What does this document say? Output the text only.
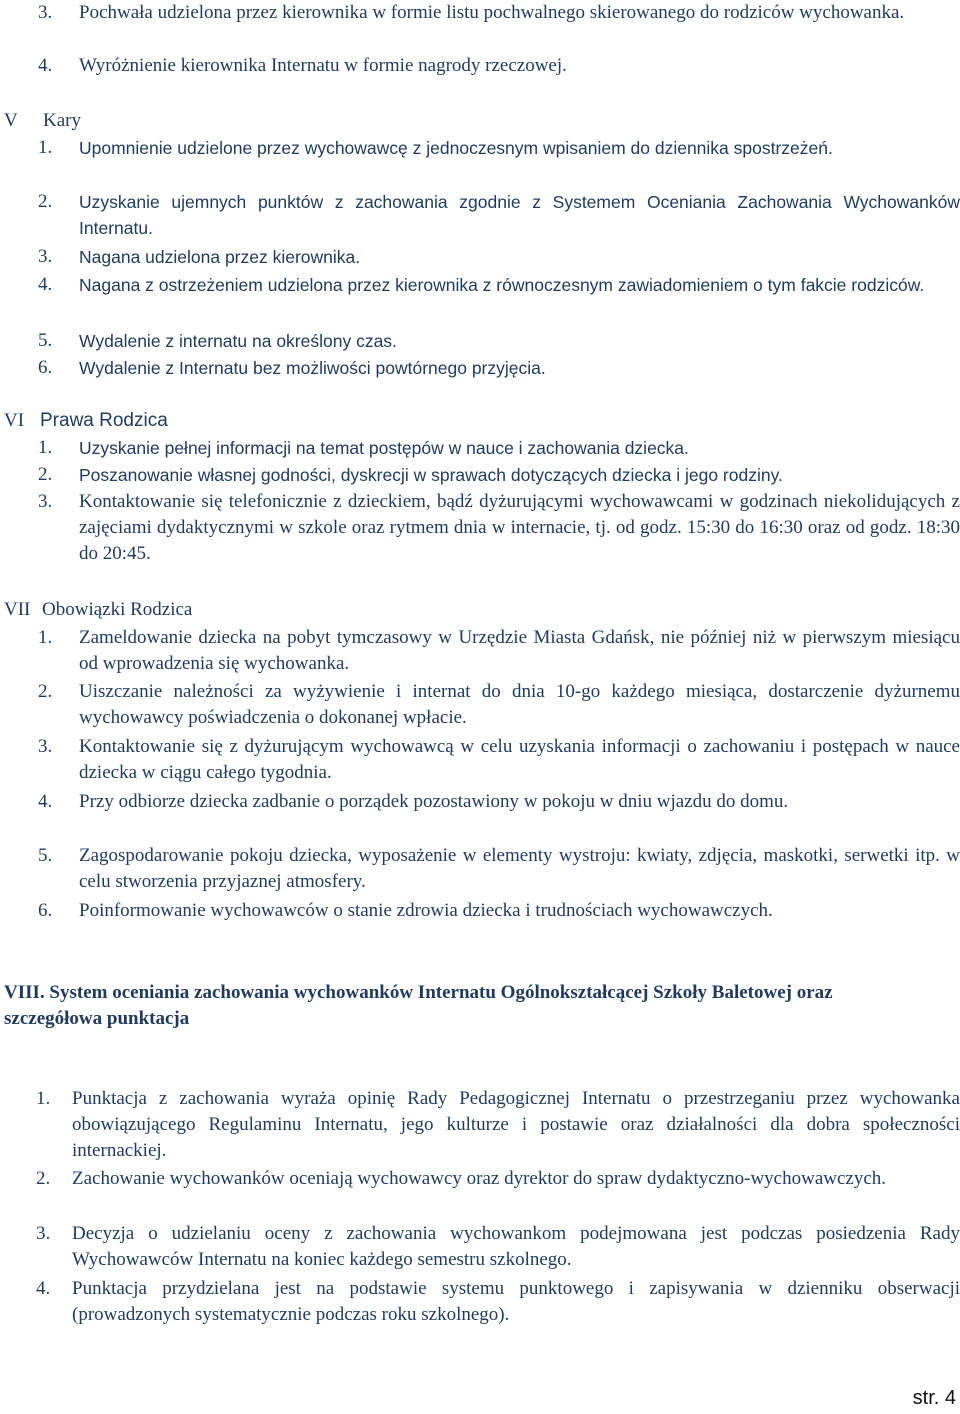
3. Pochwała udzielona przez kierownika w formie listu pochwalnego skierowanego do rodziców wychowanka.
4. Wyróżnienie kierownika Internatu w formie nagrody rzeczowej.
V Kary
1. Upomnienie udzielone przez wychowawcę z jednoczesnym wpisaniem do dziennika spostrzeżeń.
2. Uzyskanie ujemnych punktów z zachowania zgodnie z Systemem Oceniania Zachowania Wychowanków Internatu.
3. Nagana udzielona przez kierownika.
4. Nagana z ostrzeżeniem udzielona przez kierownika z równoczesnym zawiadomieniem o tym fakcie rodziców.
5. Wydalenie z internatu na określony czas.
6. Wydalenie z Internatu bez możliwości powtórnego przyjęcia.
VI Prawa Rodzica
1. Uzyskanie pełnej informacji na temat postępów w nauce i zachowania dziecka.
2. Poszanowanie własnej godności, dyskrecji w sprawach dotyczących dziecka i jego rodziny.
3. Kontaktowanie się telefonicznie z dzieckiem, bądź dyżurującymi wychowawcami w godzinach niekolidujących z zajęciami dydaktycznymi w szkole oraz rytmem dnia w internacie, tj. od godz. 15:30 do 16:30 oraz od godz. 18:30 do 20:45.
VII Obowiązki Rodzica
1. Zameldowanie dziecka na pobyt tymczasowy w Urzędzie Miasta Gdańsk, nie później niż w pierwszym miesiącu od wprowadzenia się wychowanka.
2. Uiszczanie należności za wyżywienie i internat do dnia 10-go każdego miesiąca, dostarczenie dyżurnemu wychowawcy poświadczenia o dokonanej wpłacie.
3. Kontaktowanie się z dyżurującym wychowawcą w celu uzyskania informacji o zachowaniu i postępach w nauce dziecka w ciągu całego tygodnia.
4. Przy odbiorze dziecka zadbanie o porządek pozostawiony w pokoju w dniu wjazdu do domu.
5. Zagospodarowanie pokoju dziecka, wyposażenie w elementy wystroju: kwiaty, zdjęcia, maskotki, serwetki itp. w celu stworzenia przyjaznej atmosfery.
6. Poinformowanie wychowawców o stanie zdrowia dziecka i trudnościach wychowawczych.
VIII. System oceniania zachowania wychowanków Internatu Ogólnokształcącej Szkoły Baletowej oraz szczegółowa punktacja
1. Punktacja z zachowania wyraża opinię Rady Pedagogicznej Internatu o przestrzeganiu przez wychowanka obowiązującego Regulaminu Internatu, jego kulturze i postawie oraz działalności dla dobra społeczności internackiej.
2. Zachowanie wychowanków oceniają wychowawcy oraz dyrektor do spraw dydaktyczno-wychowawczych.
3. Decyzja o udzielaniu oceny z zachowania wychowankom podejmowana jest podczas posiedzenia Rady Wychowawców Internatu na koniec każdego semestru szkolnego.
4. Punktacja przydzielana jest na podstawie systemu punktowego i zapisywania w dzienniku obserwacji (prowadzonych systematycznie podczas roku szkolnego).
str. 4
